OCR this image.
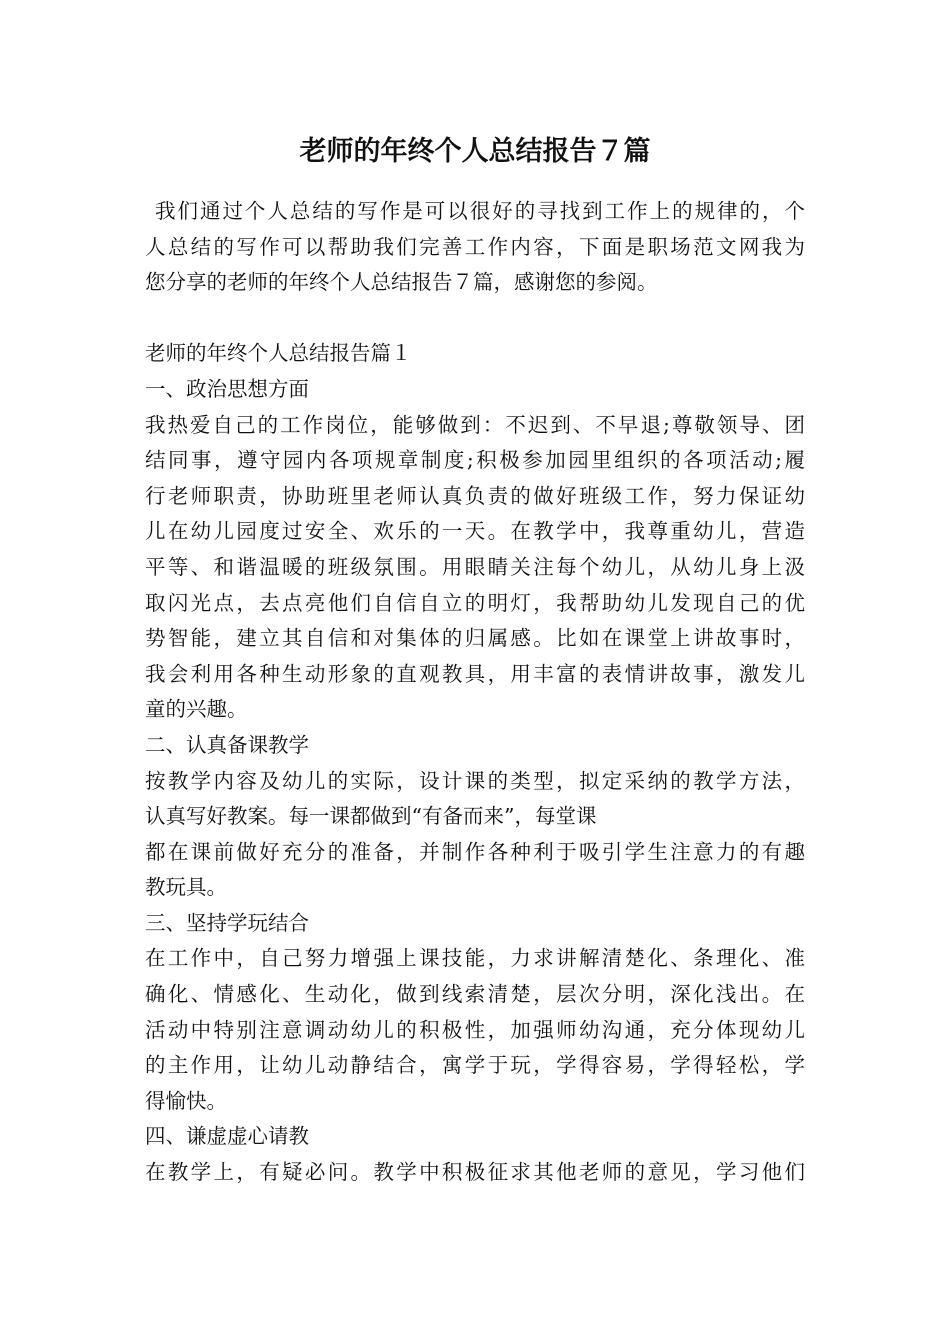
老师的年终个人总结报告７篇
我们通过个人总结的写作是可以很好的寻找到工作上的规律的，个
人总结的写作可以帮助我们完善工作内容，下面是职场范文网我为
您分享的老师的年终个人总结报告７篇，感谢您的参阅。
老师的年终个人总结报告篇１
一、政治思想方面
我热爱自己的工作岗位，能够做到：不迟到、不早退;尊敬领导、团
结同事，遵守园内各项规章制度;积极参加园里组织的各项活动;履
行老师职责，协助班里老师认真负责的做好班级工作，努力保证幼
儿在幼儿园度过安全、欢乐的一天。在教学中，我尊重幼儿，营造
平等、和谐温暖的班级氛围。用眼睛关注每个幼儿，从幼儿身上汲
取闪光点，去点亮他们自信自立的明灯，我帮助幼儿发现自己的优
势智能，建立其自信和对集体的归属感。比如在课堂上讲故事时，
我会利用各种生动形象的直观教具，用丰富的表情讲故事，激发儿
童的兴趣。
二、认真备课教学
按教学内容及幼儿的实际，设计课的类型，拟定采纳的教学方法，
认真写好教案。每一课都做到“有备而来”，每堂课
都在课前做好充分的准备，并制作各种利于吸引学生注意力的有趣
教玩具。
三、坚持学玩结合
在工作中，自己努力增强上课技能，力求讲解清楚化、条理化、准
确化、情感化、生动化，做到线索清楚，层次分明，深化浅出。在
活动中特别注意调动幼儿的积极性，加强师幼沟通，充分体现幼儿
的主作用，让幼儿动静结合，寓学于玩，学得容易，学得轻松，学
得愉快。
四、谦虚虚心请教
在教学上，有疑必问。教学中积极征求其他老师的意见，学习他们
